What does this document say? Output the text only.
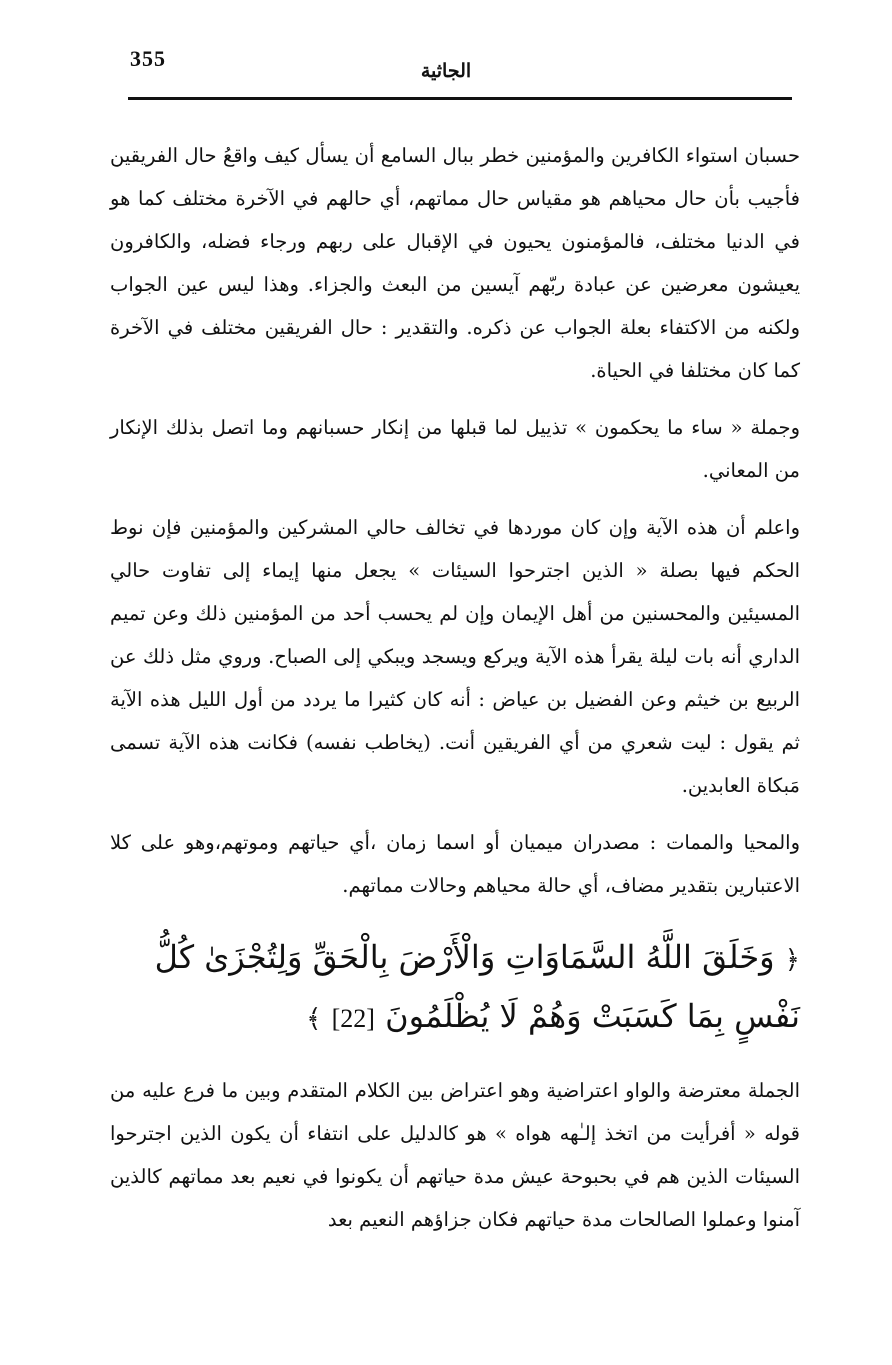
355	الجاثية

حسبان استواء الكافرين والمؤمنين خطر ببال السامع أن يسأل كيف واقعُ حال الفريقين فأجيب بأن حال محياهم هو مقياس حال مماتهم، أي حالهم في الآخرة مختلف كما هو في الدنيا مختلف، فالمؤمنون يحيون في الإقبال على ربهم ورجاء فضله، والكافرون يعيشون معرضين عن عبادة ربّهم آيسين من البعث والجزاء. وهذا ليس عين الجواب ولكنه من الاكتفاء بعلة الجواب عن ذكره. والتقدير : حال الفريقين مختلف في الآخرة كما كان مختلفا في الحياة.

وجملة « ساء ما يحكمون » تذييل لما قبلها من إنكار حسبانهم وما اتصل بذلك الإنكار من المعاني.

واعلم أن هذه الآية وإن كان موردها في تخالف حالي المشركين والمؤمنين فإن نوط الحكم فيها بصلة « الذين اجترحوا السيئات » يجعل منها إيماء إلى تفاوت حالي المسيئين والمحسنين من أهل الإيمان وإن لم يحسب أحد من المؤمنين ذلك وعن تميم الداري أنه بات ليلة يقرأ هذه الآية ويركع ويسجد ويبكي إلى الصباح. وروي مثل ذلك عن الربيع بن خيثم وعن الفضيل بن عياض : أنه كان كثيرا ما يردد من أول الليل هذه الآية ثم يقول : ليت شعري من أي الفريقين أنت. (يخاطب نفسه) فكانت هذه الآية تسمى مَبكاة العابدين.

والمحيا والممات : مصدران ميميان أو اسما زمان ،أي حياتهم وموتهم،وهو على كلا الاعتبارين بتقدير مضاف، أي حالة محياهم وحالات مماتهم.

﴿ وَخَلَقَ اللَّهُ السَّمَاوَاتِ وَالْأَرْضَ بِالْحَقِّ وَلِتُجْزَىٰ كُلُّ نَفْسٍ بِمَا كَسَبَتْ وَهُمْ لَا يُظْلَمُونَ [22] ﴾

الجملة معترضة والواو اعتراضية وهو اعتراض بين الكلام المتقدم وبين ما فرع عليه من قوله « أفرأيت من اتخذ إلـٰهه هواه » هو كالدليل على انتفاء أن يكون الذين اجترحوا السيئات الذين هم في بحبوحة عيش مدة حياتهم أن يكونوا في نعيم بعد مماتهم كالذين آمنوا وعملوا الصالحات مدة حياتهم فكان جزاؤهم النعيم بعد
